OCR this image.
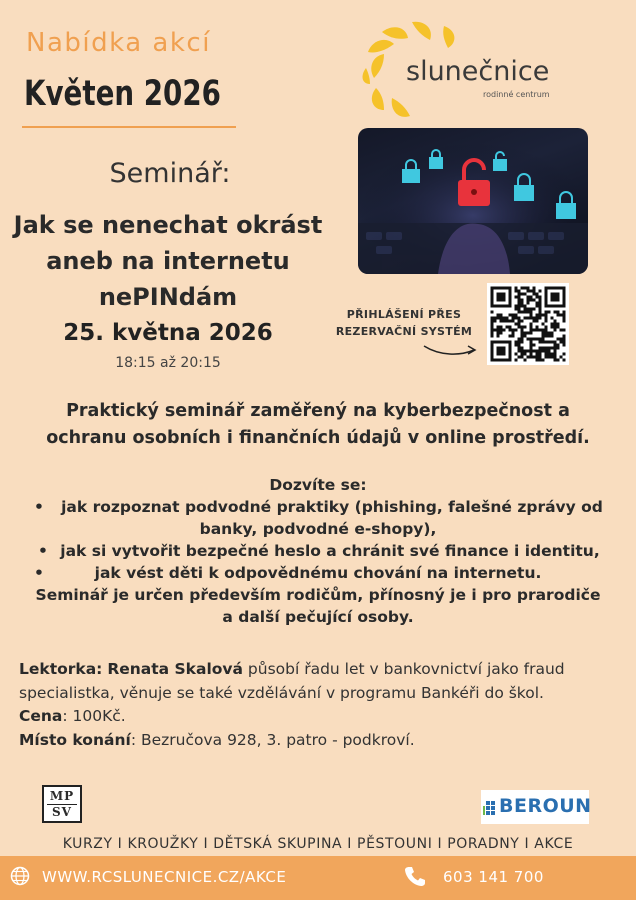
Nabídka akcí
Květen 2026
slunečnice
rodinné centrum
Seminář:
Jak se nenechat okrást
aneb na internetu
nePINdám
25. května 2026
18:15 až 20:15
PŘIHLÁŠENÍ PŘES
REZERVAČNÍ SYSTÉM
Praktický seminář zaměřený na kyberbezpečnost a
ochranu osobních i finančních údajů v online prostředí.
Dozvíte se:
• jak rozpoznat podvodné praktiky (phishing, falešné zprávy od
banky, podvodné e-shopy),
• jak si vytvořit bezpečné heslo a chránit své finance i identitu,
•	jak vést děti k odpovědnému chování na internetu.
Seminář je určen především rodičům, přínosný je i pro prarodiče
a další pečující osoby.
Lektorka: Renata Skalová působí řadu let v bankovnictví jako fraud
specialistka, věnuje se také vzdělávání v programu Bankéři do škol.
Cena: 100Kč.
Místo konání: Bezručova 928, 3. patro - podkroví.
MP
SV	BEROUN
KURZY I KROUŽKY I DĚTSKÁ SKUPINA I PĚSTOUNI I PORADNY I AKCE
WWW.RCSLUNECNICE.CZ/AKCE	603 141 700
